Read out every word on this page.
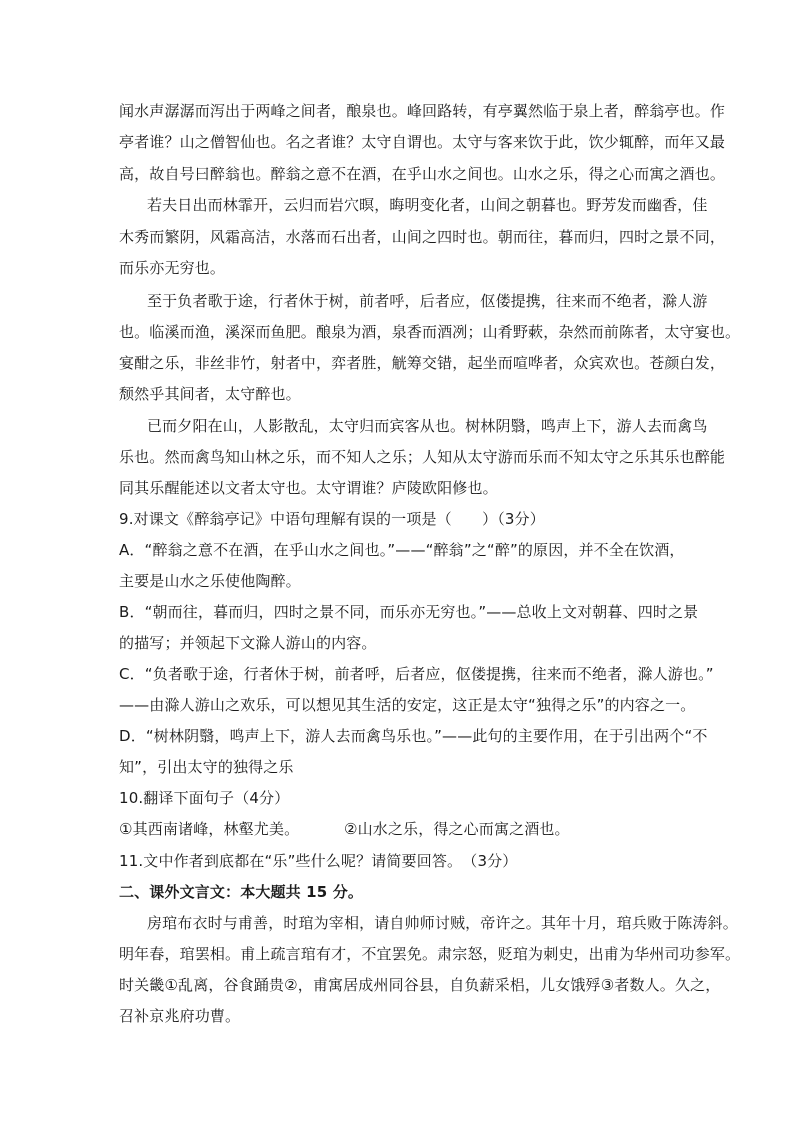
闻水声潺潺而泻出于两峰之间者，酿泉也。峰回路转，有亭翼然临于泉上者，醉翁亭也。作
亭者谁？山之僧智仙也。名之者谁？太守自谓也。太守与客来饮于此，饮少辄醉，而年又最
高，故自号曰醉翁也。醉翁之意不在酒，在乎山水之间也。山水之乐，得之心而寓之酒也。
若夫日出而林霏开，云归而岩穴暝，晦明变化者，山间之朝暮也。野芳发而幽香，佳
木秀而繁阴，风霜高洁，水落而石出者，山间之四时也。朝而往，暮而归，四时之景不同，
而乐亦无穷也。
至于负者歌于途，行者休于树，前者呼，后者应，伛偻提携，往来而不绝者，滁人游
也。临溪而渔，溪深而鱼肥。酿泉为酒，泉香而酒冽；山肴野蔌，杂然而前陈者，太守宴也。
宴酣之乐，非丝非竹，射者中，弈者胜，觥筹交错，起坐而喧哗者，众宾欢也。苍颜白发，
颓然乎其间者，太守醉也。
已而夕阳在山，人影散乱，太守归而宾客从也。树林阴翳，鸣声上下，游人去而禽鸟
乐也。然而禽鸟知山林之乐，而不知人之乐；人知从太守游而乐而不知太守之乐其乐也醉能
同其乐醒能述以文者太守也。太守谓谁？庐陵欧阳修也。
9.对课文《醉翁亭记》中语句理解有误的一项是（　　）（3分）
A．“醉翁之意不在酒，在乎山水之间也。”——“醉翁”之“醉”的原因，并不全在饮酒，
主要是山水之乐使他陶醉。
B．“朝而往，暮而归，四时之景不同，而乐亦无穷也。”——总收上文对朝暮、四时之景
的描写；并领起下文滁人游山的内容。
C．“负者歌于途，行者休于树，前者呼，后者应，伛偻提携，往来而不绝者，滁人游也。”
——由滁人游山之欢乐，可以想见其生活的安定，这正是太守“独得之乐”的内容之一。
D．“树林阴翳，鸣声上下，游人去而禽鸟乐也。”——此句的主要作用，在于引出两个“不
知”，引出太守的独得之乐
10.翻译下面句子（4分）
①其西南诸峰，林壑尤美。	②山水之乐，得之心而寓之酒也。
11.文中作者到底都在“乐”些什么呢？请简要回答。　（3分）
二、课外文言文：本大题共 15 分。
房琯布衣时与甫善，时琯为宰相，请自帅师讨贼，帝许之。其年十月，琯兵败于陈涛斜。
明年春，琯罢相。甫上疏言琯有才，不宜罢免。肃宗怒，贬琯为刺史，出甫为华州司功参军。
时关畿①乱离，谷食踊贵②，甫寓居成州同谷县，自负薪采梠，儿女饿殍③者数人。久之，
召补京兆府功曹。
